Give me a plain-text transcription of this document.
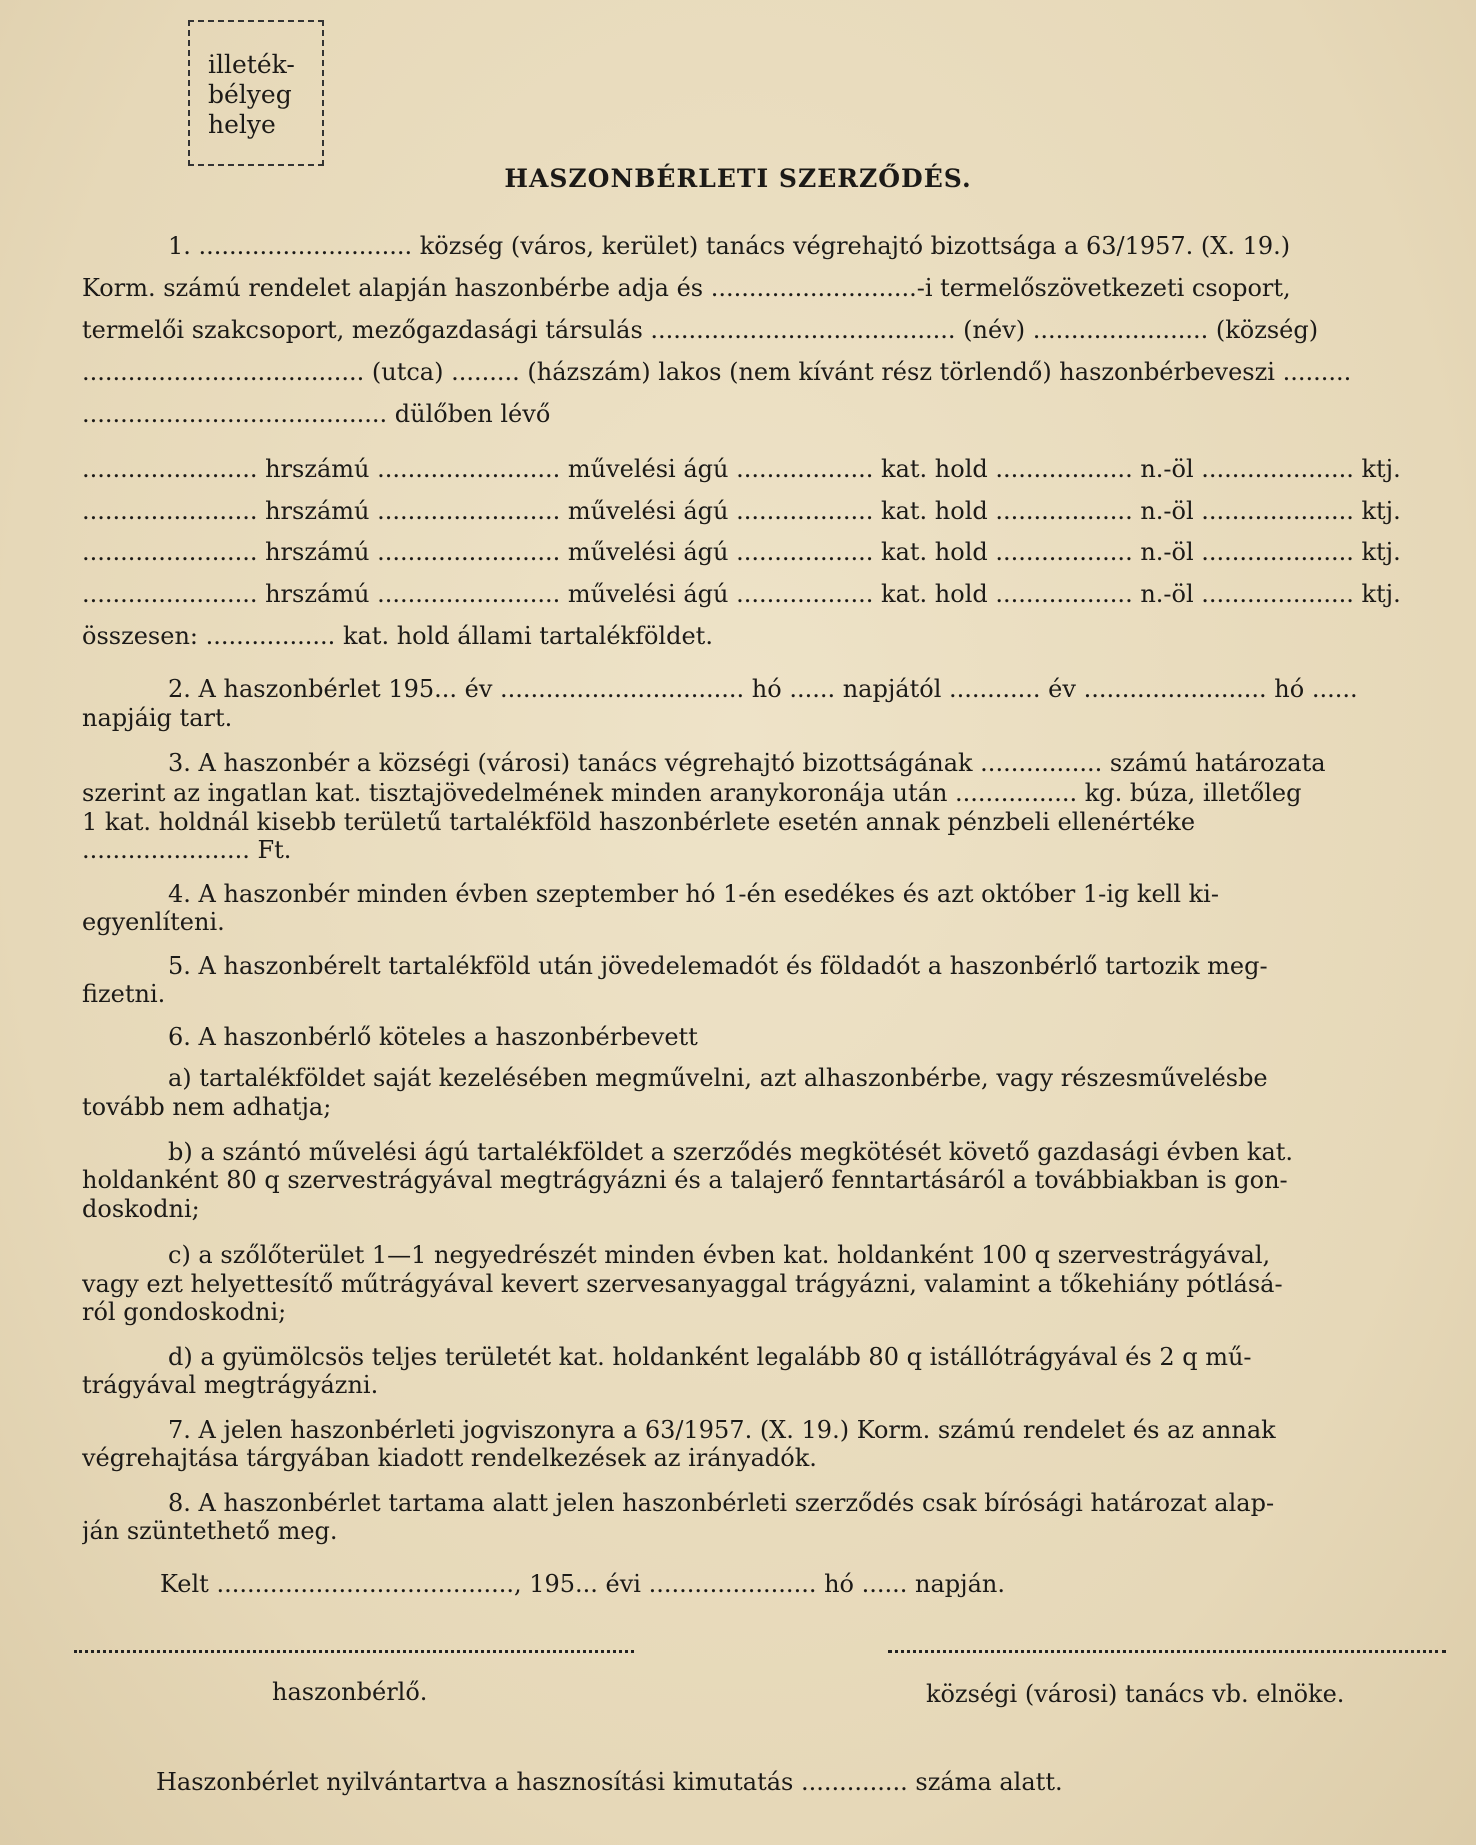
illeték-
bélyeg
helye
HASZONBÉRLETI SZERZŐDÉS.
1. ............................ község (város, kerület) tanács végrehajtó bizottsága a 63/1957. (X. 19.)
Korm. számú rendelet alapján haszonbérbe adja és ...........................-i termelőszövetkezeti csoport,
termelői szakcsoport, mezőgazdasági társulás ........................................ (név) ....................... (község)
..................................... (utca) ......... (házszám) lakos (nem kívánt rész törlendő) haszonbérbeveszi .........
........................................ dülőben lévő
....................... hrszámú ........................ művelési ágú .................. kat. hold .................. n.-öl .................... ktj.
....................... hrszámú ........................ művelési ágú .................. kat. hold .................. n.-öl .................... ktj.
....................... hrszámú ........................ művelési ágú .................. kat. hold .................. n.-öl .................... ktj.
....................... hrszámú ........................ művelési ágú .................. kat. hold .................. n.-öl .................... ktj.
összesen: ................. kat. hold állami tartalékföldet.
2. A haszonbérlet 195... év ................................ hó ...... napjától ............ év ........................ hó ......
napjáig tart.
3. A haszonbér a községi (városi) tanács végrehajtó bizottságának ................ számú határozata
szerint az ingatlan kat. tisztajövedelmének minden aranykoronája után ................ kg. búza, illetőleg
1 kat. holdnál kisebb területű tartalékföld haszonbérlete esetén annak pénzbeli ellenértéke
...................... Ft.
4. A haszonbér minden évben szeptember hó 1-én esedékes és azt október 1-ig kell ki-
egyenlíteni.
5. A haszonbérelt tartalékföld után jövedelemadót és földadót a haszonbérlő tartozik meg-
fizetni.
6. A haszonbérlő köteles a haszonbérbevett
a) tartalékföldet saját kezelésében megművelni, azt alhaszonbérbe, vagy részesművelésbe
tovább nem adhatja;
b) a szántó művelési ágú tartalékföldet a szerződés megkötését követő gazdasági évben kat.
holdanként 80 q szervestrágyával megtrágyázni és a talajerő fenntartásáról a továbbiakban is gon-
doskodni;
c) a szőlőterület 1—1 negyedrészét minden évben kat. holdanként 100 q szervestrágyával,
vagy ezt helyettesítő műtrágyával kevert szervesanyaggal trágyázni, valamint a tőkehiány pótlásá-
ról gondoskodni;
d) a gyümölcsös teljes területét kat. holdanként legalább 80 q istállótrágyával és 2 q mű-
trágyával megtrágyázni.
7. A jelen haszonbérleti jogviszonyra a 63/1957. (X. 19.) Korm. számú rendelet és az annak
végrehajtása tárgyában kiadott rendelkezések az irányadók.
8. A haszonbérlet tartama alatt jelen haszonbérleti szerződés csak bírósági határozat alap-
ján szüntethető meg.
Kelt ......................................., 195... évi ...................... hó ...... napján.
haszonbérlő.	községi (városi) tanács vb. elnöke.
Haszonbérlet nyilvántartva a hasznosítási kimutatás .............. száma alatt.
